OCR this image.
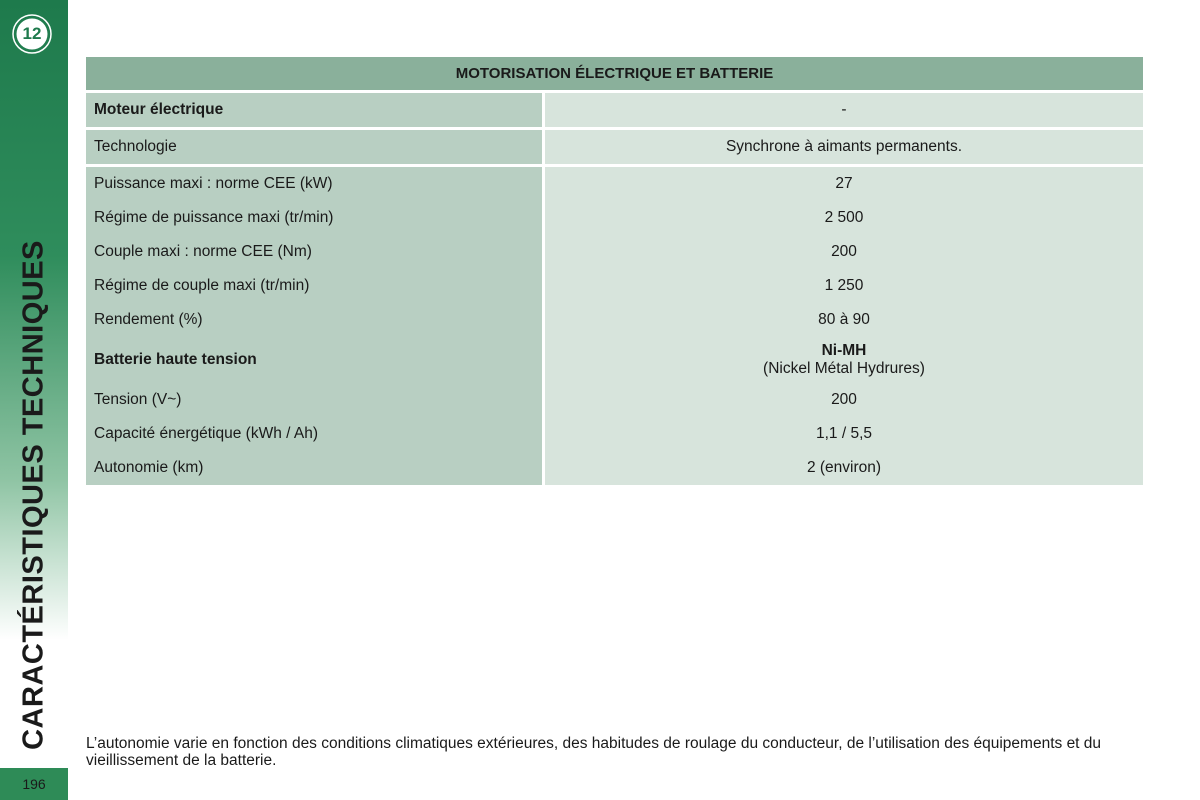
12
CARACTÉRISTIQUES TECHNIQUES
196
MOTORISATION ÉLECTRIQUE ET BATTERIE	
Moteur électrique	-
Technologie	Synchrone à aimants permanents.
Puissance maxi : norme CEE (kW)	27
Régime de puissance maxi (tr/min)	2 500
Couple maxi : norme CEE (Nm)	200
Régime de couple maxi (tr/min)	1 250
Rendement (%)	80 à 90
Batterie haute tension	Ni-MH
(Nickel Métal Hydrures)

Tension (V~)	200
Capacité énergétique (kWh / Ah)	1,1 / 5,5
Autonomie (km)	2 (environ)
L’autonomie varie en fonction des conditions climatiques extérieures, des habitudes de roulage du conducteur, de l’utilisation des équipements et du vieillissement de la batterie.
